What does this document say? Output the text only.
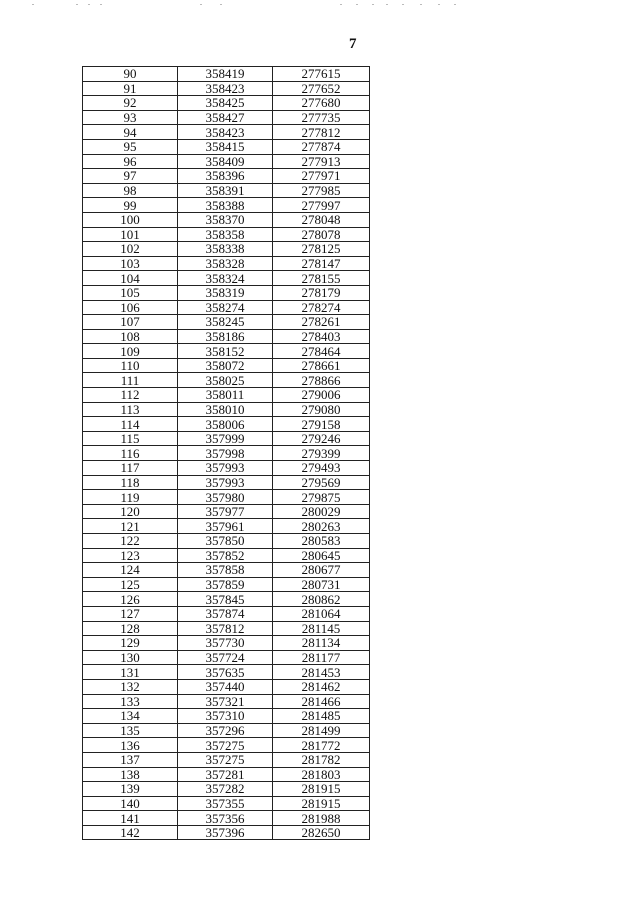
7
90	358419	277615
91	358423	277652
92	358425	277680
93	358427	277735
94	358423	277812
95	358415	277874
96	358409	277913
97	358396	277971
98	358391	277985
99	358388	277997
100	358370	278048
101	358358	278078
102	358338	278125
103	358328	278147
104	358324	278155
105	358319	278179
106	358274	278274
107	358245	278261
108	358186	278403
109	358152	278464
110	358072	278661
111	358025	278866
112	358011	279006
113	358010	279080
114	358006	279158
115	357999	279246
116	357998	279399
117	357993	279493
118	357993	279569
119	357980	279875
120	357977	280029
121	357961	280263
122	357850	280583
123	357852	280645
124	357858	280677
125	357859	280731
126	357845	280862
127	357874	281064
128	357812	281145
129	357730	281134
130	357724	281177
131	357635	281453
132	357440	281462
133	357321	281466
134	357310	281485
135	357296	281499
136	357275	281772
137	357275	281782
138	357281	281803
139	357282	281915
140	357355	281915
141	357356	281988
142	357396	282650
